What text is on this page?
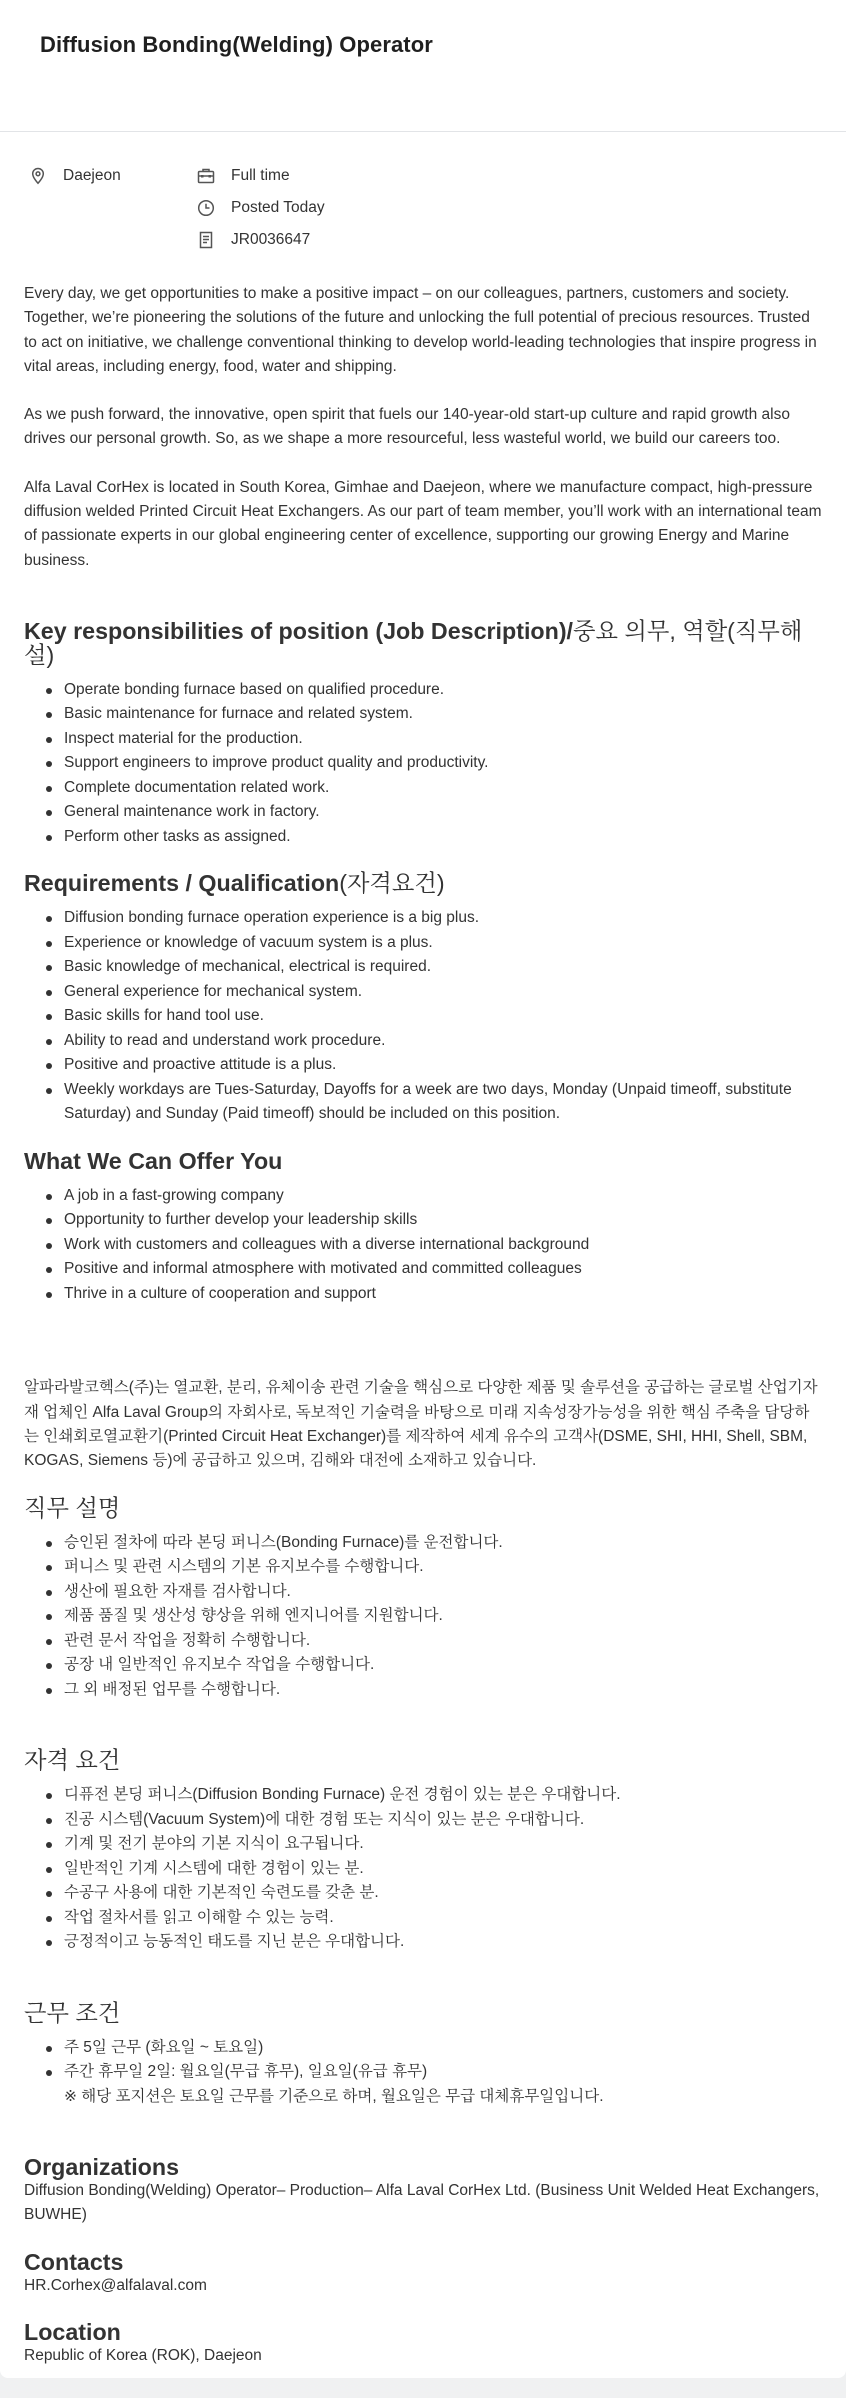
Diffusion Bonding(Welding) Operator
Daejeon	Full time
Posted Today
JR0036647

Every day, we get opportunities to make a positive impact – on our colleagues, partners, customers and society. Together, we’re pioneering the solutions of the future and unlocking the full potential of precious resources. Trusted to act on initiative, we challenge conventional thinking to develop world-leading technologies that inspire progress in vital areas, including energy, food, water and shipping.

As we push forward, the innovative, open spirit that fuels our 140-year-old start-up culture and rapid growth also drives our personal growth. So, as we shape a more resourceful, less wasteful world, we build our careers too.

Alfa Laval CorHex is located in South Korea, Gimhae and Daejeon, where we manufacture compact, high-pressure diffusion welded Printed Circuit Heat Exchangers. As our part of team member, you’ll work with an international team of passionate experts in our global engineering center of excellence, supporting our growing Energy and Marine business.

Key responsibilities of position (Job Description)/중요 의무, 역할(직무해설)
Operate bonding furnace based on qualified procedure.
Basic maintenance for furnace and related system.
Inspect material for the production.
Support engineers to improve product quality and productivity.
Complete documentation related work.
General maintenance work in factory.
Perform other tasks as assigned.
Requirements / Qualification(자격요건)
Diffusion bonding furnace operation experience is a big plus.
Experience or knowledge of vacuum system is a plus.
Basic knowledge of mechanical, electrical is required.
General experience for mechanical system.
Basic skills for hand tool use.
Ability to read and understand work procedure.
Positive and proactive attitude is a plus.
Weekly workdays are Tues-Saturday, Dayoffs for a week are two days, Monday (Unpaid timeoff, substitute Saturday) and Sunday (Paid timeoff) should be included on this position.
What We Can Offer You
A job in a fast-growing company
Opportunity to further develop your leadership skills
Work with customers and colleagues with a diverse international background
Positive and informal atmosphere with motivated and committed colleagues
Thrive in a culture of cooperation and support

알파라발코헥스(주)는 열교환, 분리, 유체이송 관련 기술을 핵심으로 다양한 제품 및 솔루션을 공급하는 글로벌 산업기자재 업체인 Alfa Laval Group의 자회사로, 독보적인 기술력을 바탕으로 미래 지속성장가능성을 위한 핵심 주축을 담당하는 인쇄회로열교환기(Printed Circuit Heat Exchanger)를 제작하여 세계 유수의 고객사(DSME, SHI, HHI, Shell, SBM, KOGAS, Siemens 등)에 공급하고 있으며, 김해와 대전에 소재하고 있습니다.

직무 설명
승인된 절차에 따라 본딩 퍼니스(Bonding Furnace)를 운전합니다.
퍼니스 및 관련 시스템의 기본 유지보수를 수행합니다.
생산에 필요한 자재를 검사합니다.
제품 품질 및 생산성 향상을 위해 엔지니어를 지원합니다.
관련 문서 작업을 정확히 수행합니다.
공장 내 일반적인 유지보수 작업을 수행합니다.
그 외 배정된 업무를 수행합니다.
자격 요건
디퓨전 본딩 퍼니스(Diffusion Bonding Furnace) 운전 경험이 있는 분은 우대합니다.
진공 시스템(Vacuum System)에 대한 경험 또는 지식이 있는 분은 우대합니다.
기계 및 전기 분야의 기본 지식이 요구됩니다.
일반적인 기계 시스템에 대한 경험이 있는 분.
수공구 사용에 대한 기본적인 숙련도를 갖춘 분.
작업 절차서를 읽고 이해할 수 있는 능력.
긍정적이고 능동적인 태도를 지닌 분은 우대합니다.
근무 조건
주 5일 근무 (화요일 ~ 토요일)
주간 휴무일 2일: 월요일(무급 휴무), 일요일(유급 휴무)

※ 해당 포지션은 토요일 근무를 기준으로 하며, 월요일은 무급 대체휴무일입니다.

Organizations

Diffusion Bonding(Welding) Operator– Production– Alfa Laval CorHex Ltd. (Business Unit Welded Heat Exchangers, BUWHE)

Contacts

HR.Corhex@alfalaval.com

Location

Republic of Korea (ROK), Daejeon
